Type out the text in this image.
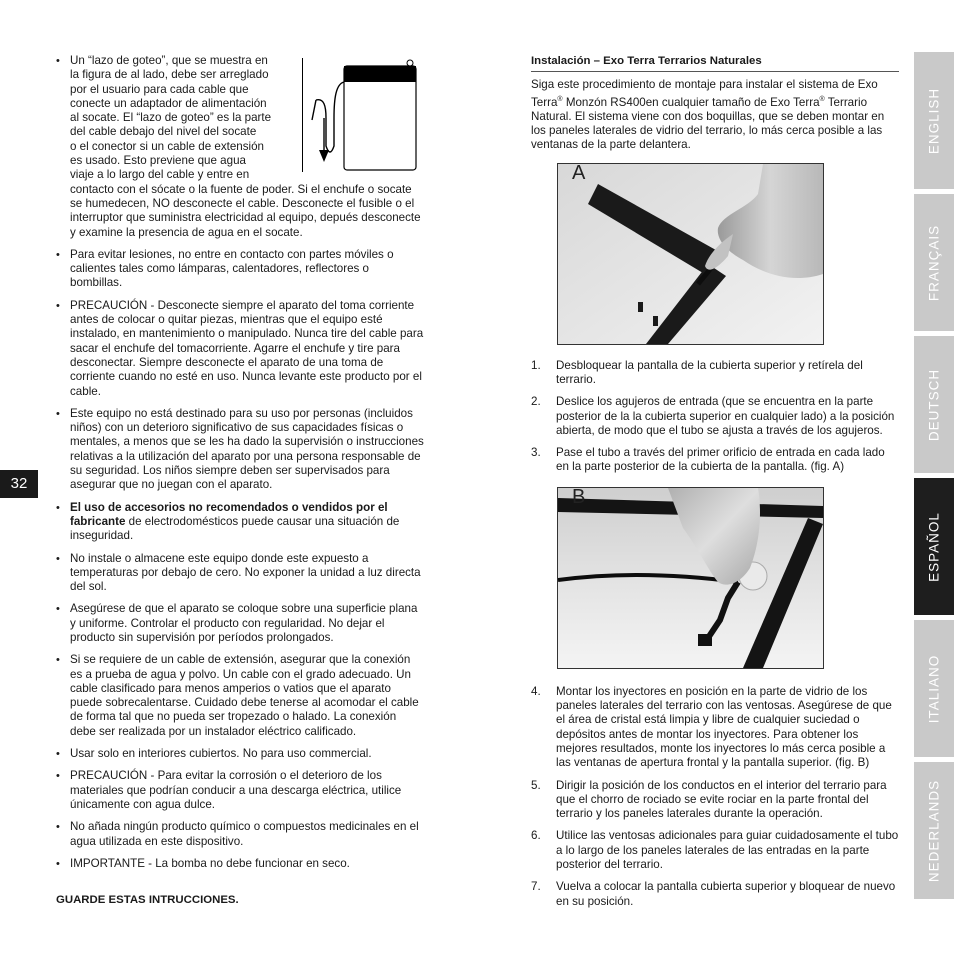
• Un “lazo de goteo”, que se muestra en
la figura de al lado, debe ser arreglado
por el usuario para cada cable que
conecte un adaptador de alimentación
al socate. El “lazo de goteo” es la parte
del cable debajo del nivel del socate
o el conector si un cable de extensión
es usado. Esto previene que agua
viaje a lo largo del cable y entre en contacto con el sócate o la fuente de poder. Si el enchufe o socate se humedecen, NO desconecte el cable. Desconecte el fusible o el interruptor que suministra electricidad al equipo, depués desconecte y examine la presencia de agua en el socate.
• Para evitar lesiones, no entre en contacto con partes móviles o calientes tales como lámparas, calentadores, reflectores o bombillas.
• PRECAUCIÓN - Desconecte siempre el aparato del toma corriente antes de colocar o quitar piezas, mientras que el equipo esté instalado, en mantenimiento o manipulado. Nunca tire del cable para sacar el enchufe del tomacorriente. Agarre el enchufe y tire para desconectar. Siempre desconecte el aparato de una toma de corriente cuando no esté en uso. Nunca levante este producto por el cable.
• Este equipo no está destinado para su uso por personas (incluidos niños) con un deterioro significativo de sus capacidades físicas o mentales, a menos que se les ha dado la supervisión o instrucciones relativas a la utilización del aparato por una persona responsable de su seguridad. Los niños siempre deben ser supervisados para asegurar que no juegan con el aparato.
• El uso de accesorios no recomendados o vendidos por el fabricante de electrodomésticos puede causar una situación de inseguridad.
• No instale o almacene este equipo donde este expuesto a temperaturas por debajo de cero. No exponer la unidad a luz directa del sol.
• Asegúrese de que el aparato se coloque sobre una superficie plana y uniforme. Controlar el producto con regularidad. No dejar el producto sin supervisión por períodos prolongados.
• Si se requiere de un cable de extensión, asegurar que la conexión es a prueba de agua y polvo. Un cable con el grado adecuado. Un cable clasificado para menos amperios o vatios que el aparato puede sobrecalentarse. Cuidado debe tenerse al acomodar el cable de forma tal que no pueda ser tropezado o halado. La conexión debe ser realizada por un instalador eléctrico calificado.
• Usar solo en interiores cubiertos. No para uso commercial.
• PRECAUCIÓN - Para evitar la corrosión o el deterioro de los materiales que podrían conducir a una descarga eléctrica, utilice únicamente con agua dulce.
• No añada ningún producto químico o compuestos medicinales en el agua utilizada en este dispositivo.
• IMPORTANTE - La bomba no debe funcionar en seco.
GUARDE ESTAS INTRUCCIONES.
32
Instalación – Exo Terra Terrarios Naturales

Siga este procedimiento de montaje para instalar el sistema de Exo Terra® Monzón RS400en cualquier tamaño de Exo Terra® Terrario Natural. El sistema viene con dos boquillas, que se deben montar en los paneles laterales de vidrio del terrario, lo más cerca posible a las ventanas de la parte delantera.

A
1. Desbloquear la pantalla de la cubierta superior y retírela del terrario.
2. Deslice los agujeros de entrada (que se encuentra en la parte posterior de la la cubierta superior en cualquier lado) a la posición abierta, de modo que el tubo se ajusta a través de los agujeros.
3. Pase el tubo a través del primer orificio de entrada en cada lado en la parte posterior de la cubierta de la pantalla. (fig. A)
B
4. Montar los inyectores en posición en la parte de vidrio de los paneles laterales del terrario con las ventosas. Asegúrese de que el área de cristal está limpia y libre de cualquier suciedad o depósitos antes de montar los inyectores. Para obtener los mejores resultados, monte los inyectores lo más cerca posible a las ventanas de apertura frontal y la pantalla superior. (fig. B)
5. Dirigir la posición de los conductos en el interior del terrario para que el chorro de rociado se evite rociar en la parte frontal del terrario y los paneles laterales durante la operación.
6. Utilice las ventosas adicionales para guiar cuidadosamente el tubo a lo largo de los paneles laterales de las entradas en la parte posterior del terrario.
7. Vuelva a colocar la pantalla cubierta superior y bloquear de nuevo en su posición.
ENGLISH
FRANÇAIS
DEUTSCH
ESPAÑOL
ITALIANO
NEDERLANDS
